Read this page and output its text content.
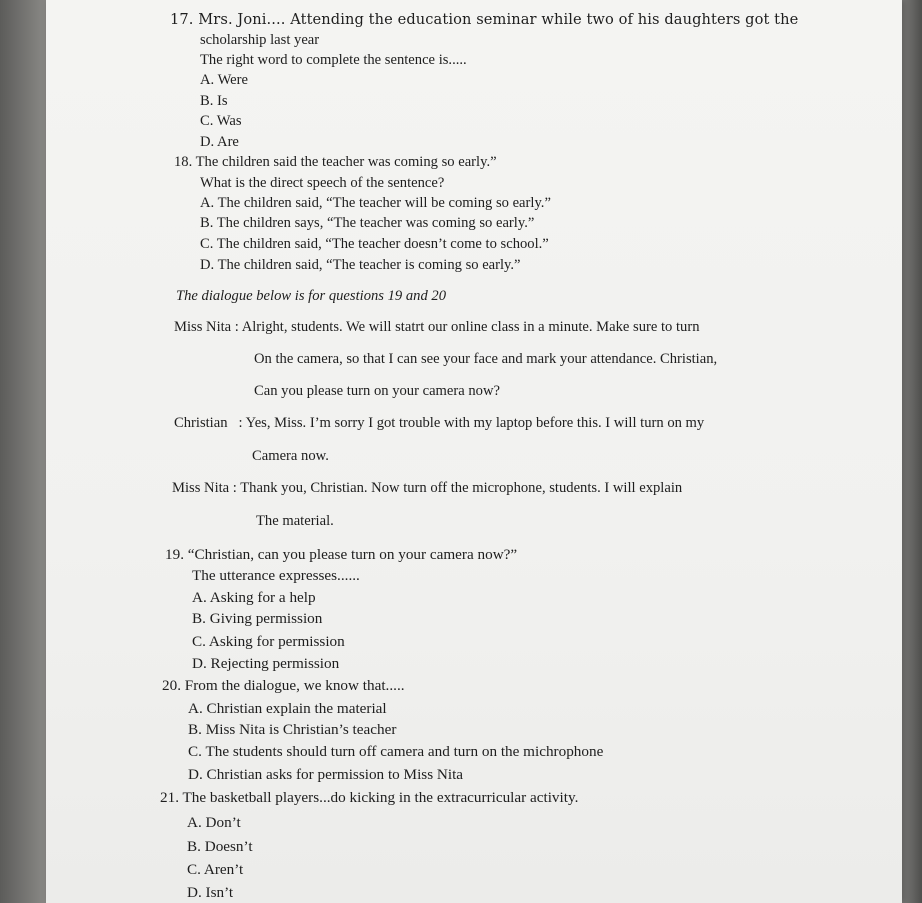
17. Mrs. Joni.... Attending the education seminar while two of his daughters got the
scholarship last year
The right word to complete the sentence is.....
A. Were
B. Is
C. Was
D. Are
18. The children said the teacher was coming so early.”
What is the direct speech of the sentence?
A. The children said, “The teacher will be coming so early.”
B. The children says, “The teacher was coming so early.”
C. The children said, “The teacher doesn’t come to school.”
D. The children said, “The teacher is coming so early.”
The dialogue below is for questions 19 and 20
Miss Nita : Alright, students. We will statrt our online class in a minute. Make sure to turn
On the camera, so that I can see your face and mark your attendance. Christian,
Can you please turn on your camera now?
Christian   : Yes, Miss. I’m sorry I got trouble with my laptop before this. I will turn on my
Camera now.
Miss Nita : Thank you, Christian. Now turn off the microphone, students. I will explain
The material.
19. “Christian, can you please turn on your camera now?”
The utterance expresses......
A. Asking for a help
B. Giving permission
C. Asking for permission
D. Rejecting permission
20. From the dialogue, we know that.....
A. Christian explain the material
B. Miss Nita is Christian’s teacher
C. The students should turn off camera and turn on the michrophone
D. Christian asks for permission to Miss Nita
21. The basketball players...do kicking in the extracurricular activity.
A. Don’t
B. Doesn’t
C. Aren’t
D. Isn’t
